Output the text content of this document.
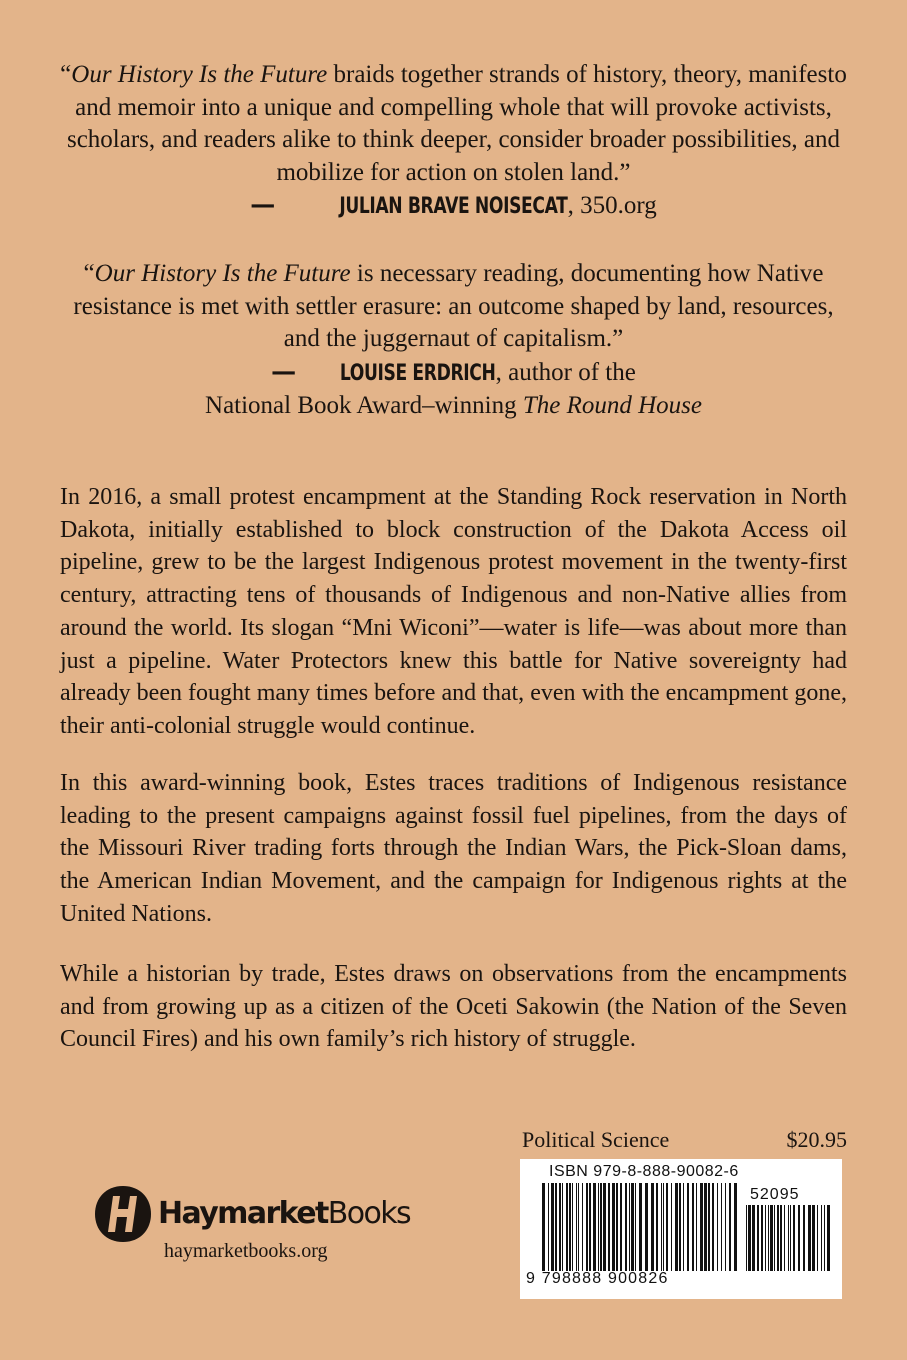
“Our History Is the Future braids together strands of history, theory, manifesto and memoir into a unique and compelling whole that will provoke activists, scholars, and readers alike to think deeper, consider broader possibilities, and mobilize for action on stolen land.”
—	JULIAN BRAVE NOISECAT, 350.org
“Our History Is the Future is necessary reading, documenting how Native resistance is met with settler erasure: an outcome shaped by land, resources, and the juggernaut of capitalism.”
— LOUISE ERDRICH, author of the
National Book Award–winning The Round House

In 2016, a small protest encampment at the Standing Rock reservation in North Dakota, initially established to block construction of the Dakota Access oil pipeline, grew to be the largest Indigenous protest movement in the twenty-first century, attracting tens of thousands of Indigenous and non-Native allies from around the world. Its slogan “Mni Wiconi”—water is life—was about more than just a pipeline. Water Protectors knew this battle for Native sovereignty had already been fought many times before and that, even with the encampment gone, their anti-colonial struggle would continue.

In this award-winning book, Estes traces traditions of Indigenous resistance leading to the present campaigns against fossil fuel pipelines, from the days of the Missouri River trading forts through the Indian Wars, the Pick-Sloan dams, the American Indian Movement, and the campaign for Indigenous rights at the United Nations.

While a historian by trade, Estes draws on observations from the encampments and from growing up as a citizen of the Oceti Sakowin (the Nation of the Seven Council Fires) and his own family’s rich history of struggle.

Political Science	$20.95
ISBN 979-8-888-90082-6
52095
9 798888 900826
HaymarketBooks
haymarketbooks.org
